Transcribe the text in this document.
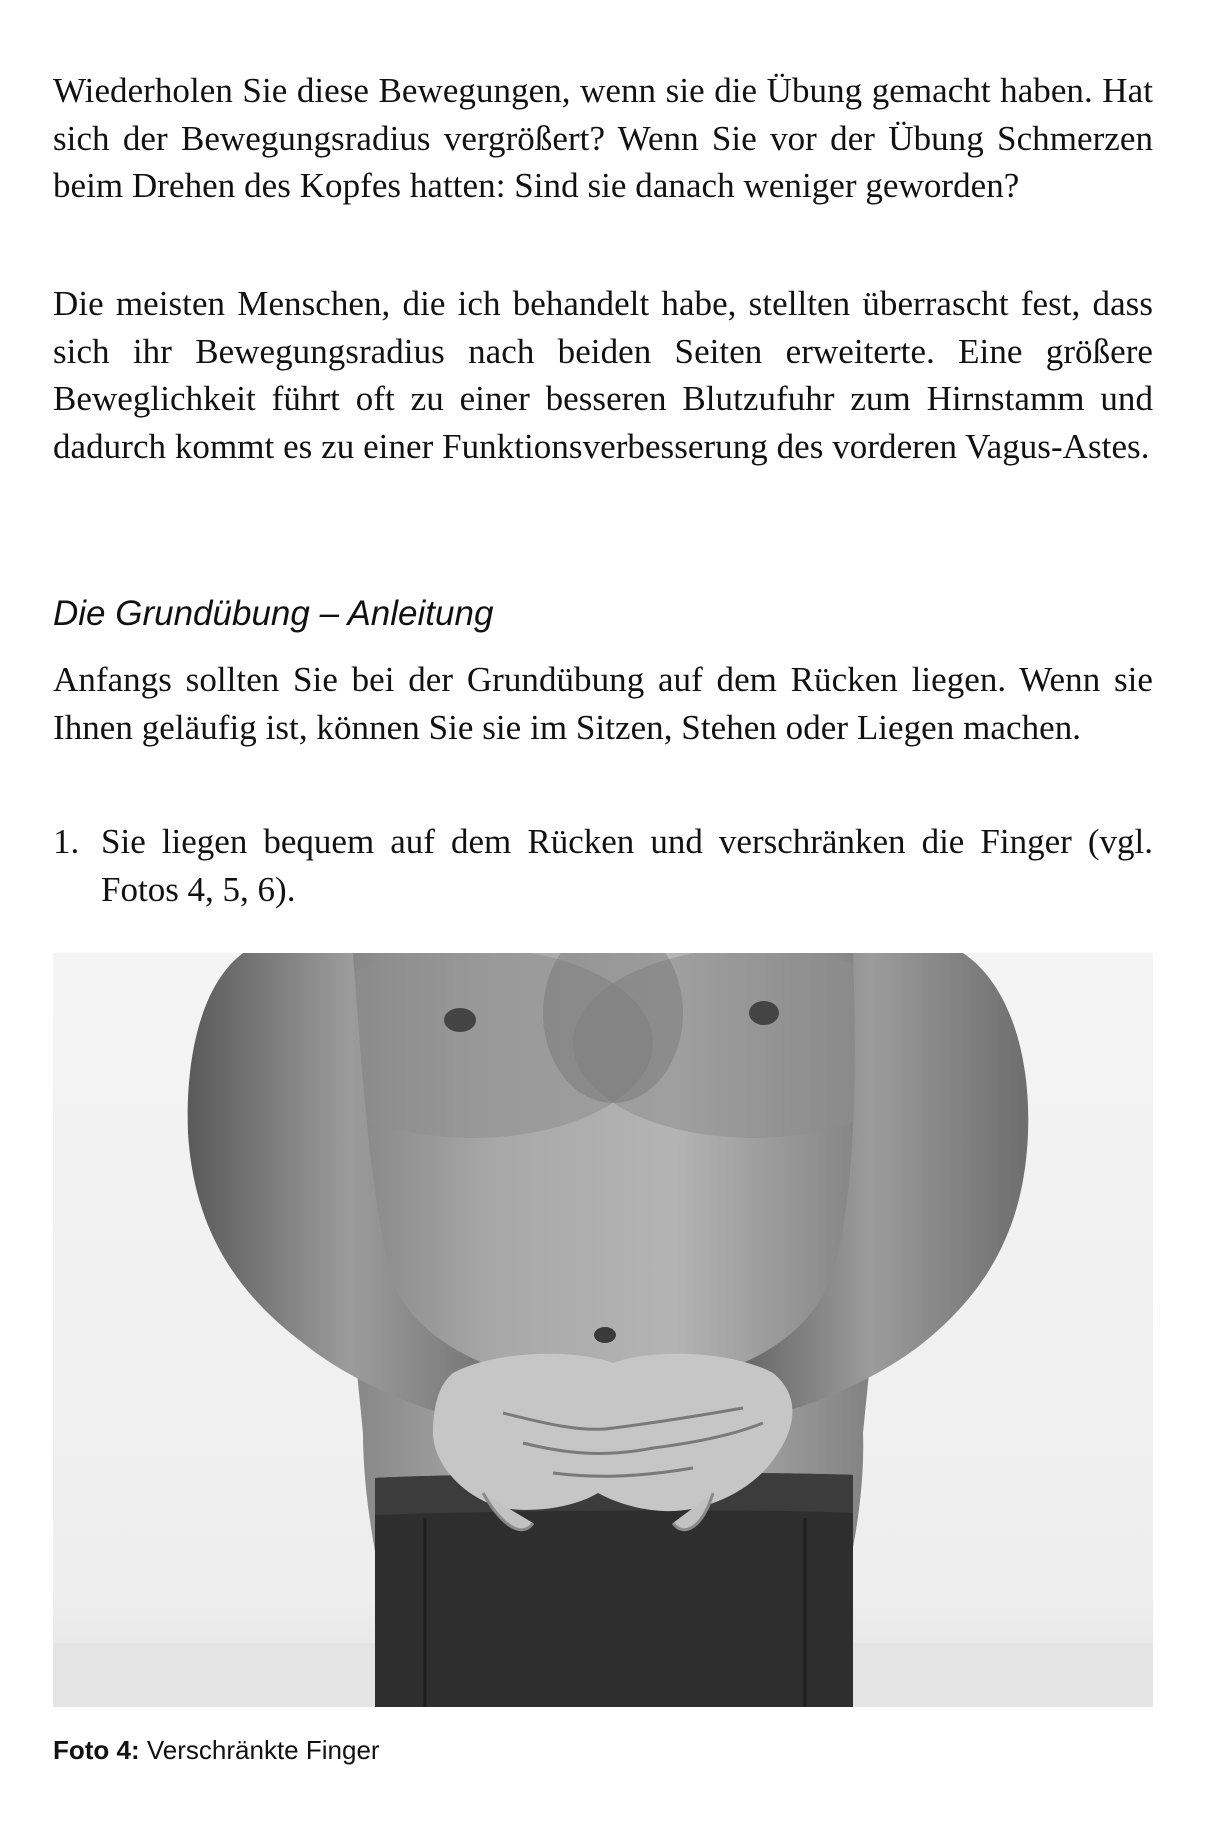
Wiederholen Sie diese Bewegungen, wenn sie die Übung gemacht haben. Hat sich der Bewegungsradius vergrößert? Wenn Sie vor der Übung Schmerzen beim Drehen des Kopfes hatten: Sind sie danach weniger geworden?

Die meisten Menschen, die ich behandelt habe, stellten überrascht fest, dass sich ihr Bewegungsradius nach beiden Seiten erweiterte. Eine größere Beweglichkeit führt oft zu einer besseren Blutzufuhr zum Hirnstamm und dadurch kommt es zu einer Funktionsverbesserung des vorderen Vagus-Astes.

Die Grundübung – Anleitung

Anfangs sollten Sie bei der Grundübung auf dem Rücken liegen. Wenn sie Ihnen geläufig ist, können Sie sie im Sitzen, Stehen oder Liegen machen.

1. Sie liegen bequem auf dem Rücken und verschränken die Finger (vgl. Fotos 4, 5, 6).

Foto 4: Verschränkte Finger
